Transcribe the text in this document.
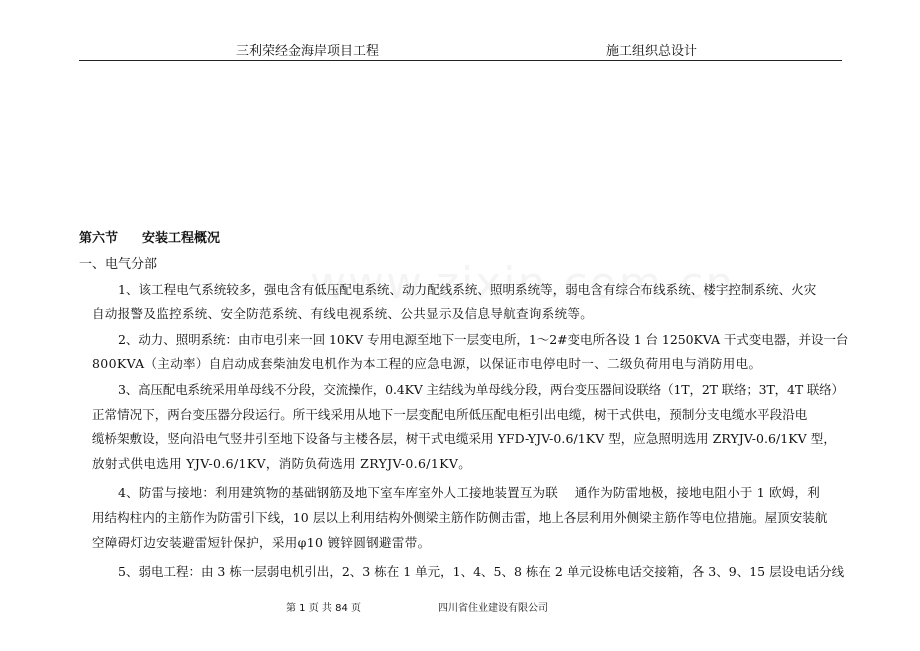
三利荣经金海岸项目工程	施工组织总设计
第六节 安装工程概况
一、电气分部
1、该工程电气系统较多，强电含有低压配电系统、动力配线系统、照明系统等，弱电含有综合布线系统、楼宇控制系统、火灾
自动报警及监控系统、安全防范系统、有线电视系统、公共显示及信息导航查询系统等。
2、动力、照明系统：由市电引来一回 10KV 专用电源至地下一层变电所，1～2#变电所各设 1 台 1250KVA 干式变电器，并设一台
800KVA（主动率）自启动成套柴油发电机作为本工程的应急电源，以保证市电停电时一、二级负荷用电与消防用电。
3、高压配电系统采用单母线不分段，交流操作，0.4KV 主结线为单母线分段，两台变压器间设联络（1T，2T 联络；3T，4T 联络）
正常情况下，两台变压器分段运行。所干线采用从地下一层变配电所低压配电柜引出电缆，树干式供电，预制分支电缆水平段沿电
缆桥架敷设，竖向沿电气竖井引至地下设备与主楼各层，树干式电缆采用 YFD-YJV-0.6/1KV 型，应急照明选用 ZRYJV-0.6/1KV 型，
放射式供电选用 YJV-0.6/1KV，消防负荷选用 ZRYJV-0.6/1KV。
4、防雷与接地：利用建筑物的基础钢筋及地下室车库室外人工接地装置互为联　 通作为防雷地极，接地电阻小于 1 欧姆，利
用结构柱内的主筋作为防雷引下线，10 层以上利用结构外侧梁主筋作防侧击雷，地上各层利用外侧梁主筋作等电位措施。屋顶安装航
空障碍灯边安装避雷短针保护，采用φ10 镀锌圆钢避雷带。
5、弱电工程：由 3 栋一层弱电机引出，2、3 栋在 1 单元，1、4、5、8 栋在 2 单元设栋电话交接箱，各 3、9、15 层设电话分线
第 1 页 共 84 页	四川省住业建设有限公司
